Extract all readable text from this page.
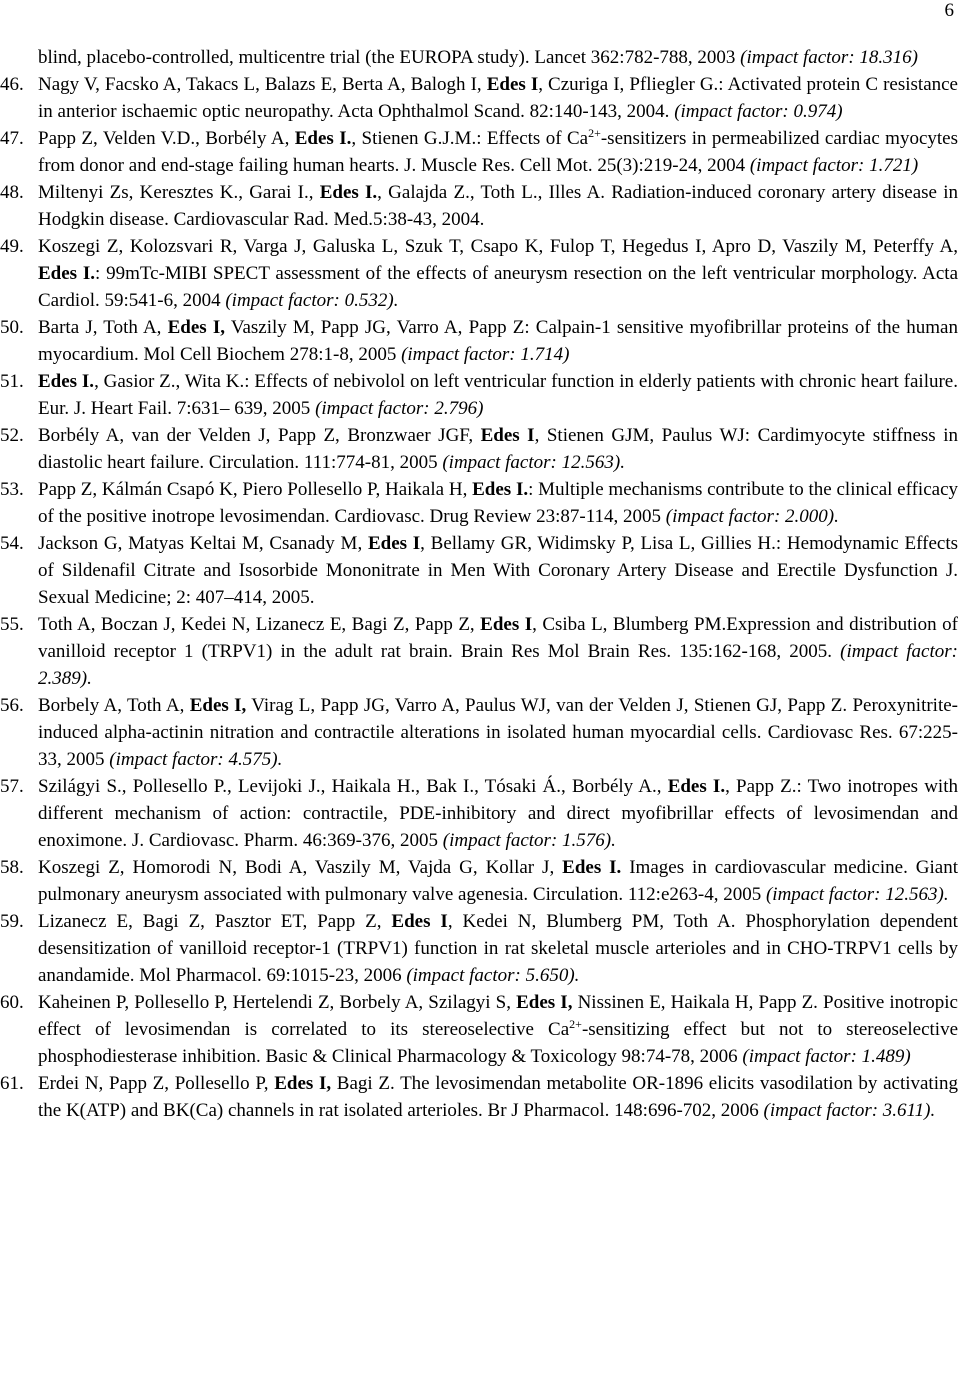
6

blind, placebo-controlled, multicentre trial (the EUROPA study). Lancet 362:782-788, 2003 (impact factor: 18.316)

46. Nagy V, Facsko A, Takacs L, Balazs E, Berta A, Balogh I, Edes I, Czuriga I, Pfliegler G.: Activated protein C resistance in anterior ischaemic optic neuropathy. Acta Ophthalmol Scand. 82:140-143, 2004. (impact factor: 0.974)

47. Papp Z, Velden V.D., Borbély A, Edes I., Stienen G.J.M.: Effects of $Ca^{2+}$-sensitizers in permeabilized cardiac myocytes from donor and end-stage failing human hearts. J. Muscle Res. Cell Mot. 25(3):219-24, 2004 (impact factor: 1.721)

48. Miltenyi Zs, Keresztes K., Garai I., Edes I., Galajda Z., Toth L., Illes A. Radiation-induced coronary artery disease in Hodgkin disease. Cardiovascular Rad. Med.5:38-43, 2004.

49. Koszegi Z, Kolozsvari R, Varga J, Galuska L, Szuk T, Csapo K, Fulop T, Hegedus I, Apro D, Vaszily M, Peterffy A, Edes I.: 99mTc-MIBI SPECT assessment of the effects of aneurysm resection on the left ventricular morphology. Acta Cardiol. 59:541-6, 2004 (impact factor: 0.532).

50. Barta J, Toth A, Edes I, Vaszily M, Papp JG, Varro A, Papp Z: Calpain-1 sensitive myofibrillar proteins of the human myocardium. Mol Cell Biochem 278:1-8, 2005 (impact factor: 1.714)

51. Edes I., Gasior Z., Wita K.: Effects of nebivolol on left ventricular function in elderly patients with chronic heart failure. Eur. J. Heart Fail. 7:631– 639, 2005 (impact factor: 2.796)

52. Borbély A, van der Velden J, Papp Z, Bronzwaer JGF, Edes I, Stienen GJM, Paulus WJ: Cardimyocyte stiffness in diastolic heart failure. Circulation. 111:774-81, 2005 (impact factor: 12.563).

53. Papp Z, Kálmán Csapó K, Piero Pollesello P, Haikala H, Edes I.: Multiple mechanisms contribute to the clinical efficacy of the positive inotrope levosimendan. Cardiovasc. Drug Review 23:87-114, 2005 (impact factor: 2.000).

54. Jackson G, Matyas Keltai M, Csanady M, Edes I, Bellamy GR, Widimsky P, Lisa L, Gillies H.: Hemodynamic Effects of Sildenafil Citrate and Isosorbide Mononitrate in Men With Coronary Artery Disease and Erectile Dysfunction J. Sexual Medicine; 2: 407–414, 2005.

55. Toth A, Boczan J, Kedei N, Lizanecz E, Bagi Z, Papp Z, Edes I, Csiba L, Blumberg PM.Expression and distribution of vanilloid receptor 1 (TRPV1) in the adult rat brain. Brain Res Mol Brain Res. 135:162-168, 2005. (impact factor: 2.389).

56. Borbely A, Toth A, Edes I, Virag L, Papp JG, Varro A, Paulus WJ, van der Velden J, Stienen GJ, Papp Z. Peroxynitrite-induced alpha-actinin nitration and contractile alterations in isolated human myocardial cells. Cardiovasc Res. 67:225-33, 2005 (impact factor: 4.575).

57. Szilágyi S., Pollesello P., Levijoki J., Haikala H., Bak I., Tósaki Á., Borbély A., Edes I., Papp Z.: Two inotropes with different mechanism of action: contractile, PDE-inhibitory and direct myofibrillar effects of levosimendan and enoximone. J. Cardiovasc. Pharm. 46:369-376, 2005 (impact factor: 1.576).

58. Koszegi Z, Homorodi N, Bodi A, Vaszily M, Vajda G, Kollar J, Edes I. Images in cardiovascular medicine. Giant pulmonary aneurysm associated with pulmonary valve agenesia. Circulation. 112:e263-4, 2005 (impact factor: 12.563).

59. Lizanecz E, Bagi Z, Pasztor ET, Papp Z, Edes I, Kedei N, Blumberg PM, Toth A. Phosphorylation dependent desensitization of vanilloid receptor-1 (TRPV1) function in rat skeletal muscle arterioles and in CHO-TRPV1 cells by anandamide. Mol Pharmacol. 69:1015-23, 2006 (impact factor: 5.650).

60. Kaheinen P, Pollesello P, Hertelendi Z, Borbely A, Szilagyi S, Edes I, Nissinen E, Haikala H, Papp Z. Positive inotropic effect of levosimendan is correlated to its stereoselective $Ca^{2+}$-sensitizing effect but not to stereoselective phosphodiesterase inhibition. Basic & Clinical Pharmacology & Toxicology 98:74-78, 2006 (impact factor: 1.489)

61. Erdei N, Papp Z, Pollesello P, Edes I, Bagi Z. The levosimendan metabolite OR-1896 elicits vasodilation by activating the K(ATP) and BK(Ca) channels in rat isolated arterioles. Br J Pharmacol. 148:696-702, 2006 (impact factor: 3.611).
